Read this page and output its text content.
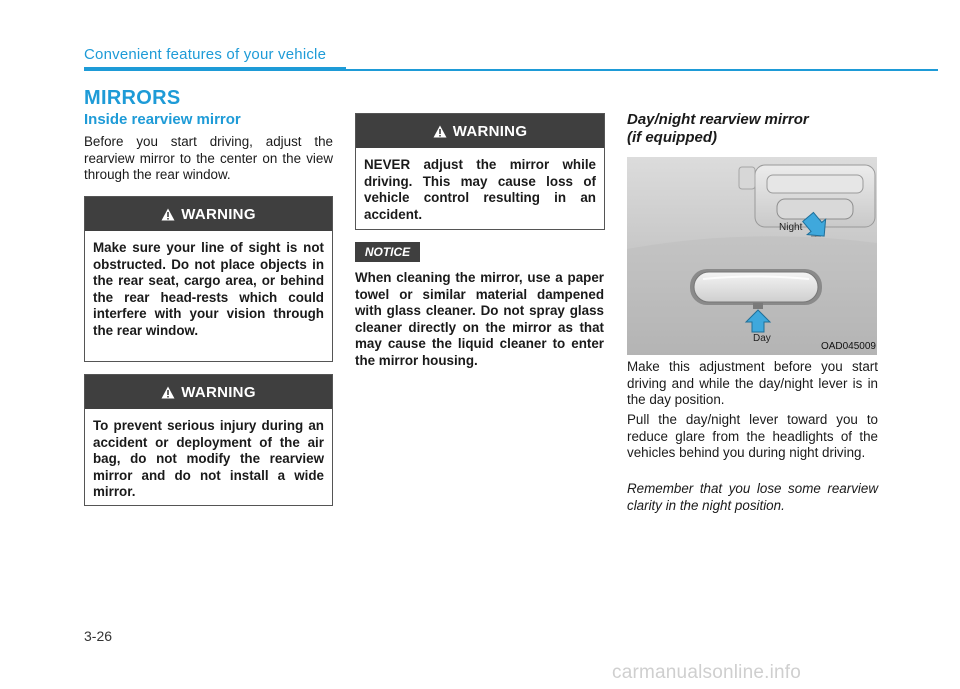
Convenient features of your vehicle
MIRRORS
Inside rearview mirror

Before you start driving, adjust the rearview mirror to the center on the view through the rear window.

WARNING
Make sure your line of sight is not obstructed. Do not place objects in the rear seat, cargo area, or behind the rear head-rests which could interfere with your vision through the rear window.
WARNING
To prevent serious injury during an accident or deployment of the air bag, do not modify the rearview mirror and do not install a wide mirror.
WARNING
NEVER adjust the mirror while driving. This may cause loss of vehicle control resulting in an accident.
NOTICE

When cleaning the mirror, use a paper towel or similar material dampened with glass cleaner. Do not spray glass cleaner directly on the mirror as that may cause the liquid cleaner to enter the mirror housing.

Day/night rearview mirror
(if equipped)
Night
Day
OAD045009

Make this adjustment before you start driving and while the day/night lever is in the day position.

Pull the day/night lever toward you to reduce glare from the headlights of the vehicles behind you during night driving.

Remember that you lose some rearview clarity in the night position.

3-26
carmanualsonline.info
